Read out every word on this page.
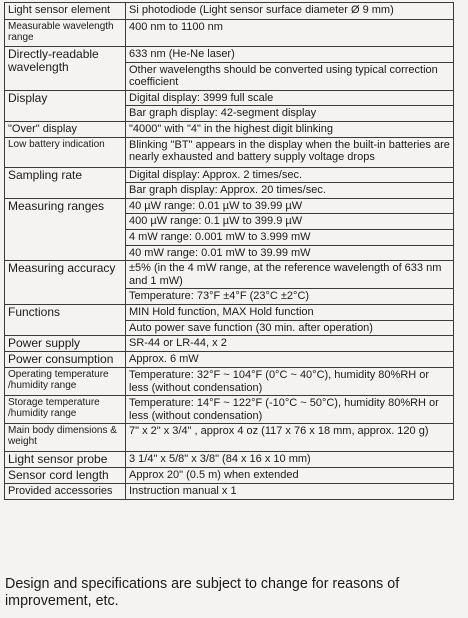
Light sensor element	Si photodiode (Light sensor surface diameter Ø 9 mm)
Measurable wavelength range	400 nm to 1100 nm
Directly-readable wavelength	633 nm (He-Ne laser)
	Other wavelengths should be converted using typical correction coefficient
Display	Digital display: 3999 full scale
	Bar graph display: 42-segment display
"Over" display	"4000" with "4" in the highest digit blinking
Low battery indication	Blinking "BT" appears in the display when the built-in batteries are nearly exhausted and battery supply voltage drops
Sampling rate	Digital display: Approx. 2 times/sec.
	Bar graph display: Approx. 20 times/sec.
Measuring ranges	40 µW range: 0.01 µW to 39.99 µW
	400 µW range: 0.1 µW to 399.9 µW
	4 mW range: 0.001 mW to 3.999 mW
	40 mW range: 0.01 mW to 39.99 mW
Measuring accuracy	±5% (in the 4 mW range, at the reference wavelength of 633 nm and 1 mW)
	Temperature: 73°F ±4°F (23°C ±2°C)
Functions	MIN Hold function, MAX Hold function
	Auto power save function (30 min. after operation)
Power supply	SR-44 or LR-44, x 2
Power consumption	Approx. 6 mW
Operating temperature /humidity range	Temperature: 32°F ~ 104°F (0°C ~ 40°C), humidity 80%RH or less (without condensation)
Storage temperature /humidity range	Temperature: 14°F ~ 122°F (-10°C ~ 50°C), humidity 80%RH or less (without condensation)
Main body dimensions & weight	7" x 2" x 3/4" , approx 4 oz (117 x 76 x 18 mm, approx. 120 g)
Light sensor probe	3 1/4" x 5/8" x 3/8" (84 x 16 x 10 mm)
Sensor cord length	Approx 20" (0.5 m) when extended
Provided accessories	Instruction manual x 1

Design and specifications are subject to change for reasons of improvement, etc.
